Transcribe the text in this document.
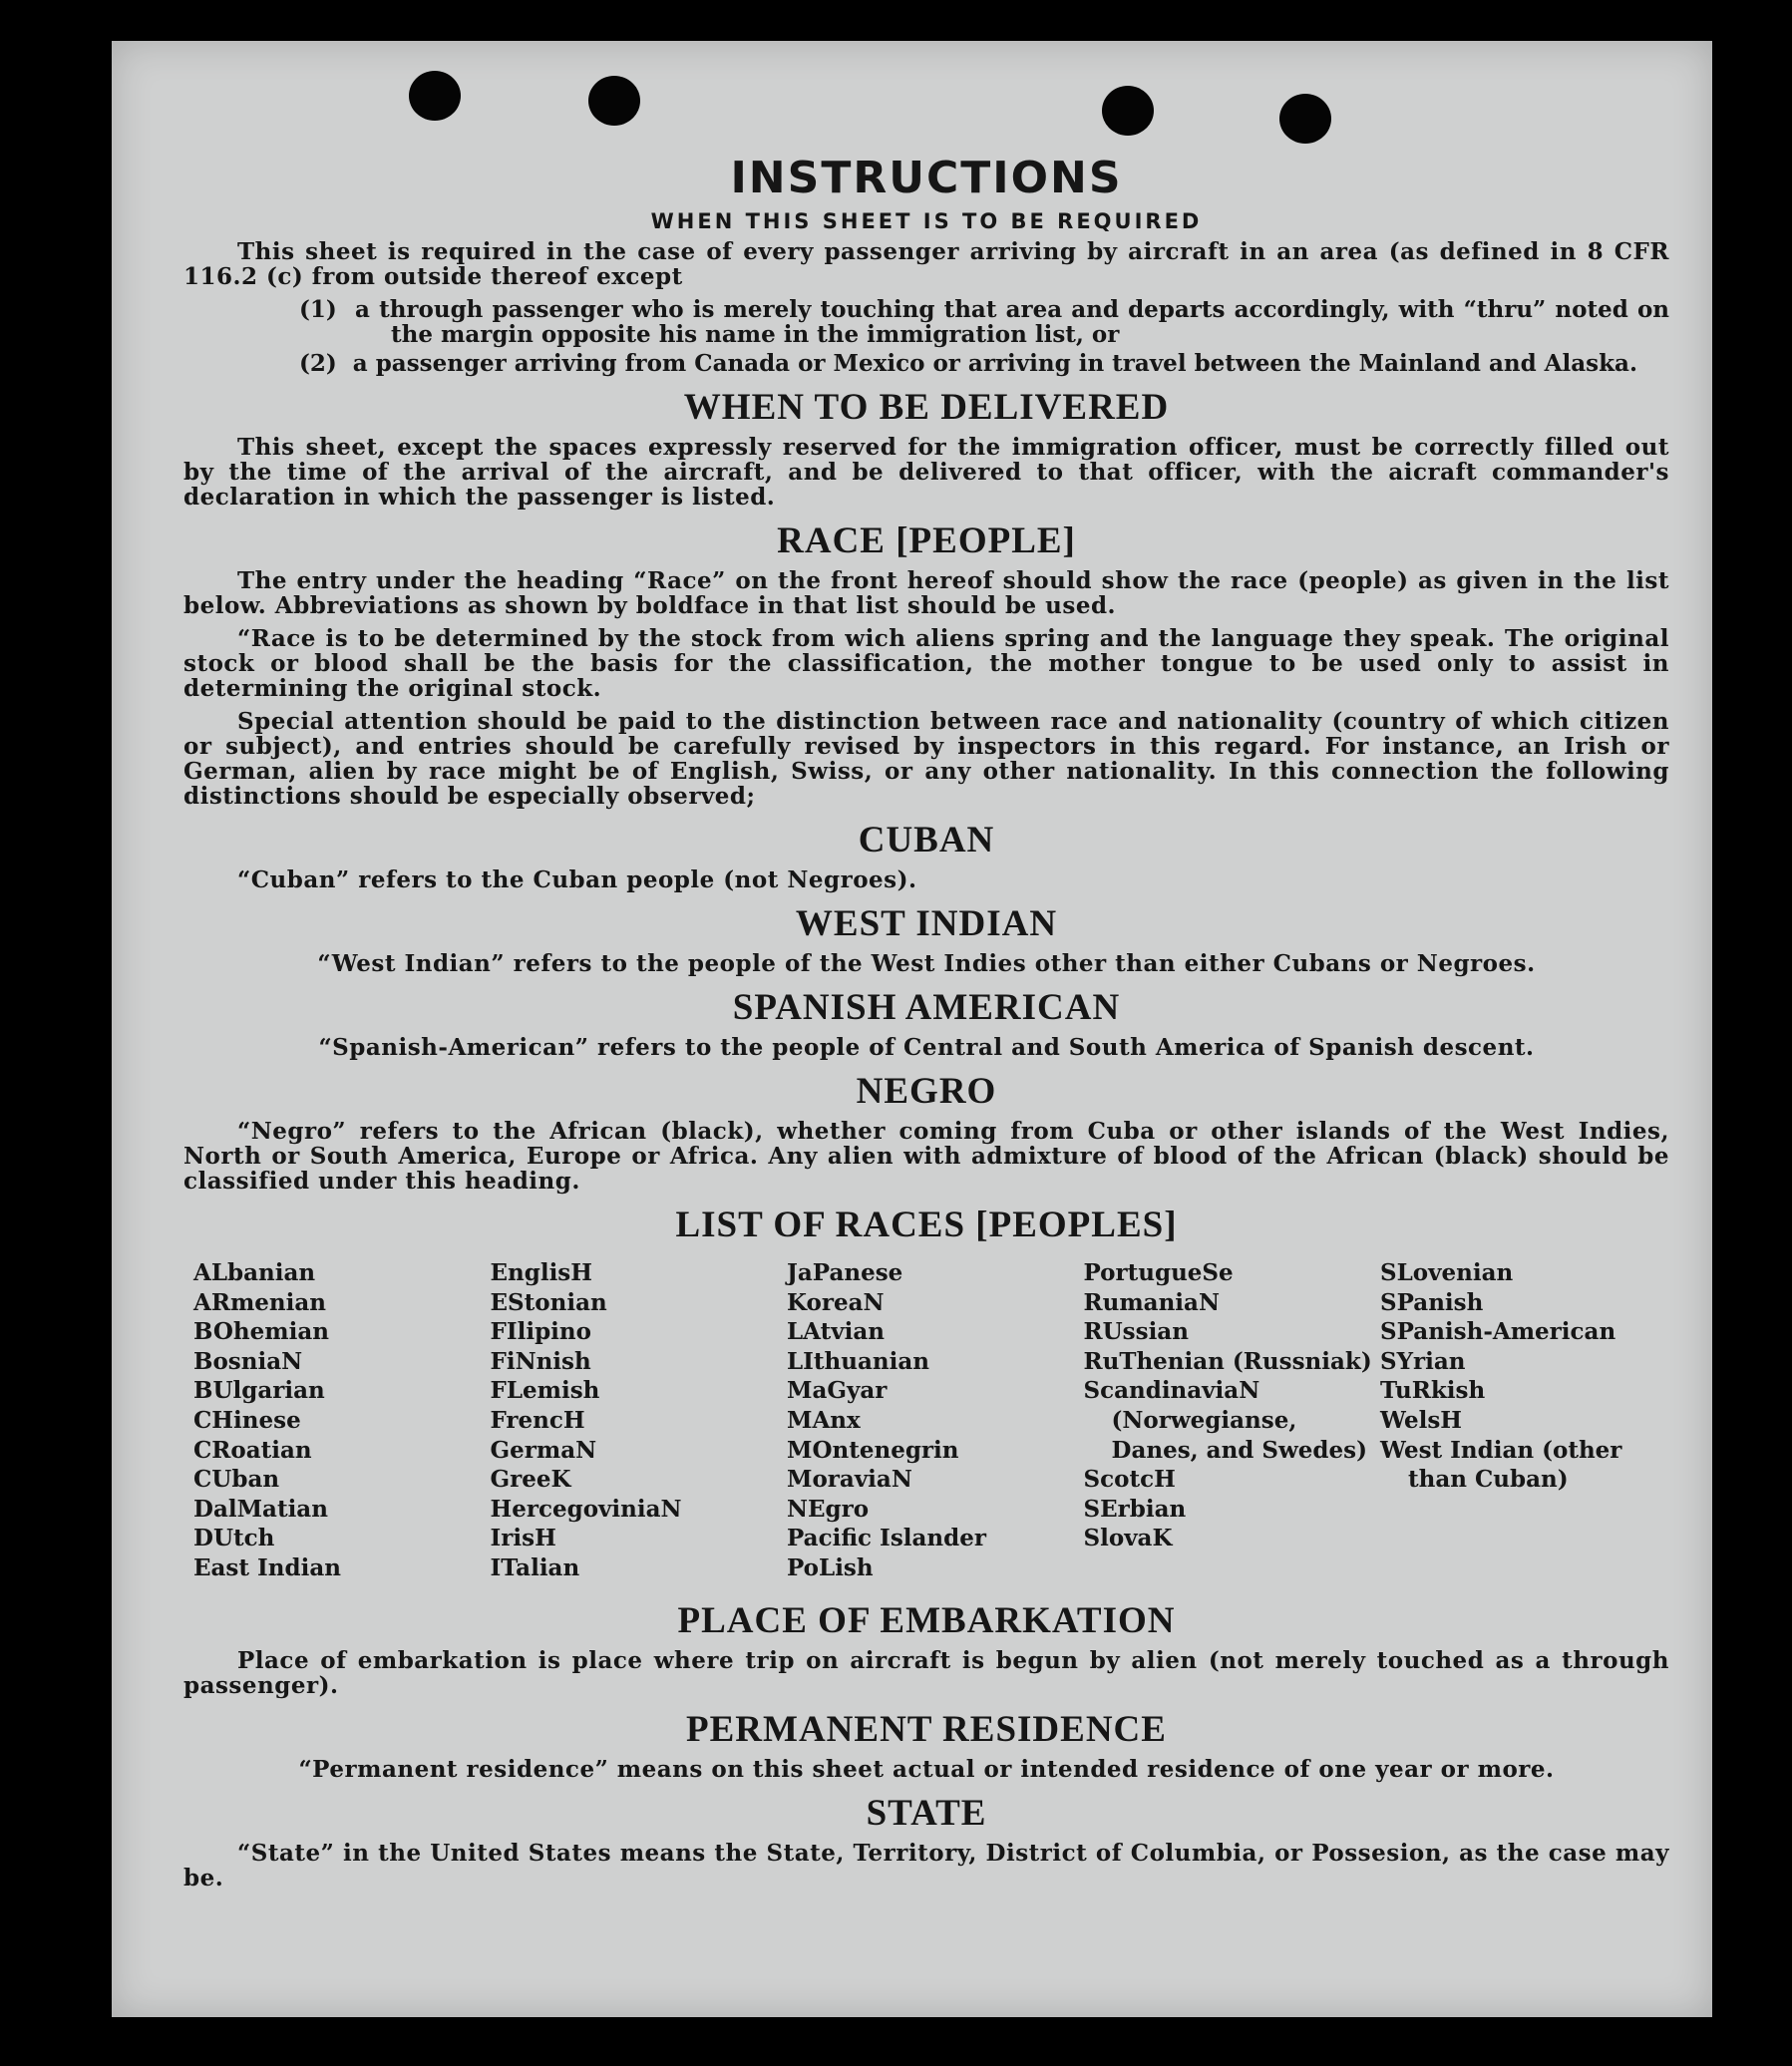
INSTRUCTIONS
WHEN THIS SHEET IS TO BE REQUIRED

This sheet is required in the case of every passenger arriving by aircraft in an area (as defined in 8 CFR 116.2 (c) from outside thereof except

(1) a through passenger who is merely touching that area and departs accordingly, with “thru” noted on the margin opposite his name in the immigration list, or
(2) a passenger arriving from Canada or Mexico or arriving in travel between the Mainland and Alaska.
WHEN TO BE DELIVERED

This sheet, except the spaces expressly reserved for the immigration officer, must be correctly filled out by the time of the arrival of the aircraft, and be delivered to that officer, with the aicraft commander's declaration in which the passenger is listed.

RACE [PEOPLE]

The entry under the heading “Race” on the front hereof should show the race (people) as given in the list below. Abbreviations as shown by boldface in that list should be used.

“Race is to be determined by the stock from wich aliens spring and the language they speak. The original stock or blood shall be the basis for the classification, the mother tongue to be used only to assist in determining the original stock.

Special attention should be paid to the distinction between race and nationality (country of which citizen or subject), and entries should be carefully revised by inspectors in this regard. For instance, an Irish or German, alien by race might be of English, Swiss, or any other nationality. In this connection the following distinctions should be especially observed;

CUBAN

“Cuban” refers to the Cuban people (not Negroes).

WEST INDIAN

“West Indian” refers to the people of the West Indies other than either Cubans or Negroes.

SPANISH AMERICAN

“Spanish-American” refers to the people of Central and South America of Spanish descent.

NEGRO

“Negro” refers to the African (black), whether coming from Cuba or other islands of the West Indies, North or South America, Europe or Africa. Any alien with admixture of blood of the African (black) should be classified under this heading.

LIST OF RACES [PEOPLES]
ALbanian
ARmenian
BOhemian
BosniaN
BUlgarian
CHinese
CRoatian
CUban
DalMatian
DUtch
East Indian
EnglisH
EStonian
FIlipino
FiNnish
FLemish
FrencH
GermaN
GreeK
HercegoviniaN
IrisH
ITalian
JaPanese
KoreaN
LAtvian
LIthuanian
MaGyar
MAnx
MOntenegrin
MoraviaN
NEgro
Pacific Islander
PoLish
PortugueSe
RumaniaN
RUssian
RuThenian (Russniak)
ScandinaviaN (Norwegianse, Danes, and Swedes)
ScotcH
SErbian
SlovaK
SLovenian
SPanish
SPanish-American
SYrian
TuRkish
WelsH
West Indian (other than Cuban)
PLACE OF EMBARKATION

Place of embarkation is place where trip on aircraft is begun by alien (not merely touched as a through passenger).

PERMANENT RESIDENCE

“Permanent residence” means on this sheet actual or intended residence of one year or more.

STATE

“State” in the United States means the State, Territory, District of Columbia, or Possesion, as the case may be.
